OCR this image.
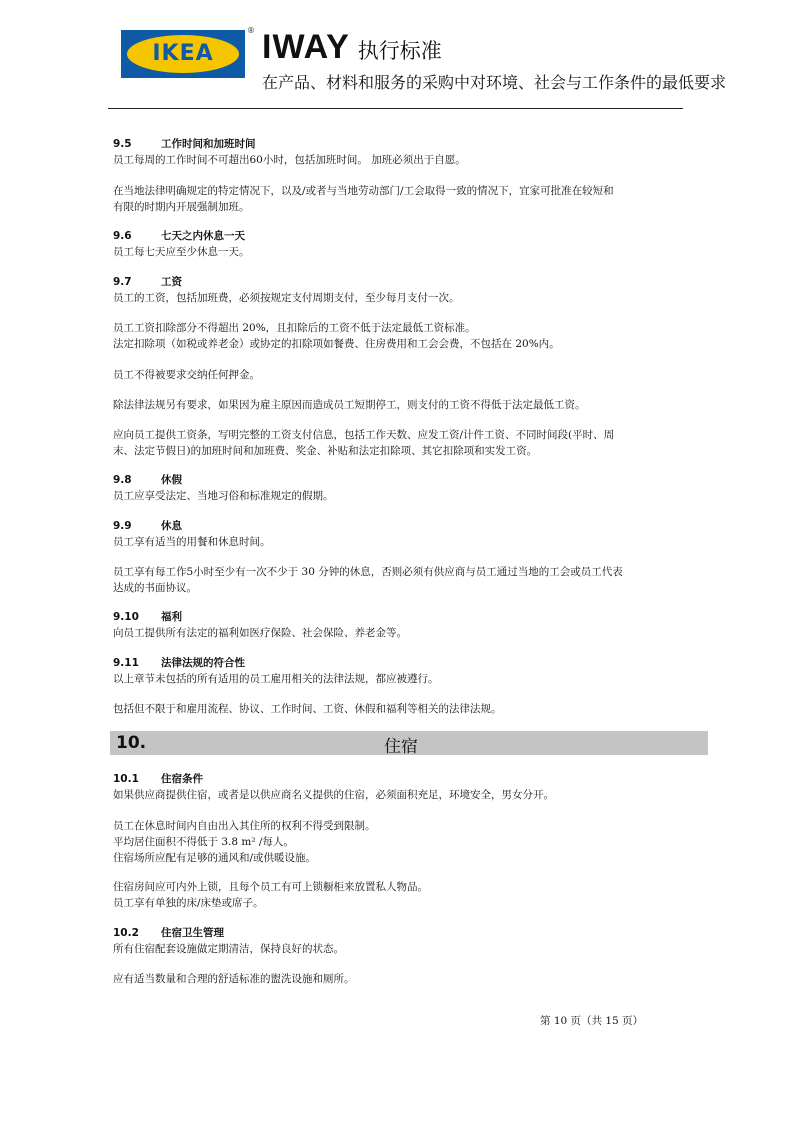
IKEA
® IWAY 执行标准
在产品、材料和服务的采购中对环境、社会与工作条件的最低要求
9.5	工作时间和加班时间
员工每周的工作时间不可超出60小时，包括加班时间。 加班必须出于自愿。
在当地法律明确规定的特定情况下，以及/或者与当地劳动部门/工会取得一致的情况下，宜家可批准在较短和
有限的时期内开展强制加班。
9.6	七天之内休息一天
员工每七天应至少休息一天。
9.7	工资
员工的工资，包括加班费，必须按规定支付周期支付，至少每月支付一次。
员工工资扣除部分不得超出 20%，且扣除后的工资不低于法定最低工资标准。
法定扣除项（如税或养老金）或协定的扣除项如餐费、住房费用和工会会费，不包括在 20%内。
员工不得被要求交纳任何押金。
除法律法规另有要求，如果因为雇主原因而造成员工短期停工，则支付的工资不得低于法定最低工资。
应向员工提供工资条，写明完整的工资支付信息，包括工作天数、应发工资/计件工资、不同时间段(平时、周
末、法定节假日)的加班时间和加班费、奖金、补贴和法定扣除项、其它扣除项和实发工资。
9.8	休假
员工应享受法定、当地习俗和标准规定的假期。
9.9	休息
员工享有适当的用餐和休息时间。
员工享有每工作5小时至少有一次不少于 30 分钟的休息，否则必须有供应商与员工通过当地的工会或员工代表
达成的书面协议。
9.10 福利
向员工提供所有法定的福利如医疗保险、社会保险、养老金等。
9.11 法律法规的符合性
以上章节未包括的所有适用的员工雇用相关的法律法规，都应被遵行。
包括但不限于和雇用流程、协议、工作时间、工资、休假和福利等相关的法律法规。
10.	住宿
10.1 住宿条件
如果供应商提供住宿，或者是以供应商名义提供的住宿，必须面积充足，环境安全，男女分开。
员工在休息时间内自由出入其住所的权利不得受到限制。
平均居住面积不得低于 3.8 m² /每人。
住宿场所应配有足够的通风和/或供暖设施。
住宿房间应可内外上锁，且每个员工有可上锁橱柜来放置私人物品。
员工享有单独的床/床垫或席子。
10.2 住宿卫生管理
所有住宿配套设施做定期清洁，保持良好的状态。
应有适当数量和合理的舒适标准的盥洗设施和厕所。
第 10 页（共 15 页）
